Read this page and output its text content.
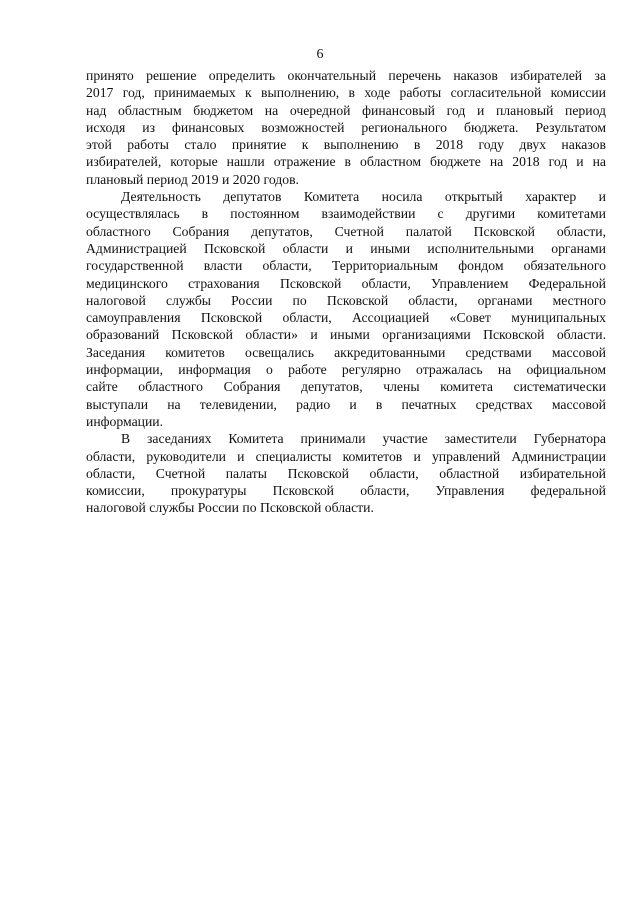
6
принято решение определить окончательный перечень наказов избирателей за
2017 год, принимаемых к выполнению, в ходе работы согласительной комиссии
над областным бюджетом на очередной финансовый год и плановый период
исходя из финансовых возможностей регионального бюджета. Результатом
этой работы стало принятие к выполнению в 2018 году двух наказов
избирателей, которые нашли отражение в областном бюджете на 2018 год и на
плановый период 2019 и 2020 годов.
Деятельность депутатов Комитета носила открытый характер и
осуществлялась в постоянном взаимодействии с другими комитетами
областного Собрания депутатов, Счетной палатой Псковской области,
Администрацией Псковской области и иными исполнительными органами
государственной власти области, Территориальным фондом обязательного
медицинского страхования Псковской области, Управлением Федеральной
налоговой службы России по Псковской области, органами местного
самоуправления Псковской области, Ассоциацией «Совет муниципальных
образований Псковской области» и иными организациями Псковской области.
Заседания комитетов освещались аккредитованными средствами массовой
информации, информация о работе регулярно отражалась на официальном
сайте областного Собрания депутатов, члены комитета систематически
выступали на телевидении, радио и в печатных средствах массовой
информации.
В заседаниях Комитета принимали участие заместители Губернатора
области, руководители и специалисты комитетов и управлений Администрации
области, Счетной палаты Псковской области, областной избирательной
комиссии, прокуратуры Псковской области, Управления федеральной
налоговой службы России по Псковской области.
